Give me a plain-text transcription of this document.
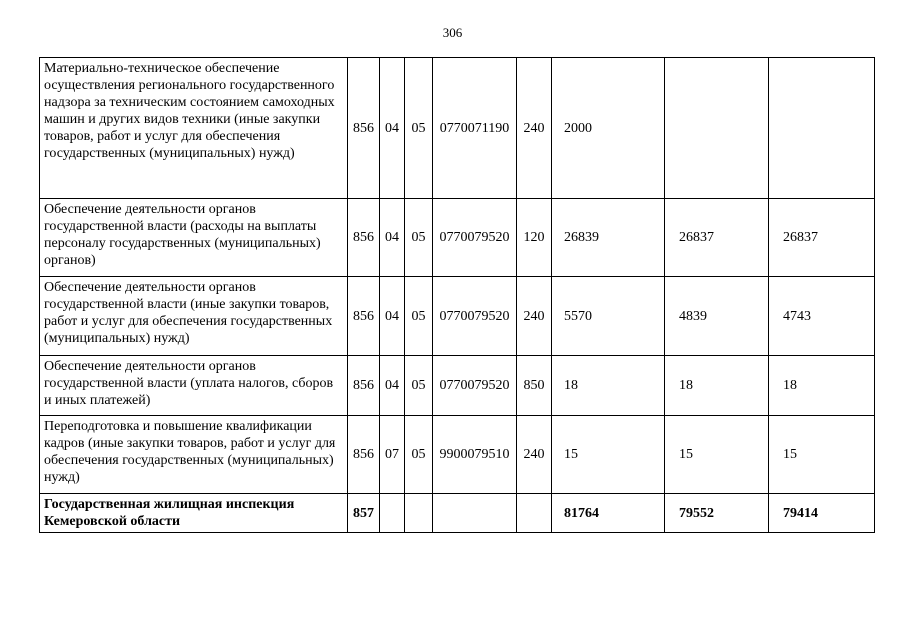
306
Материально-техническое обеспечение осуществления регионального государственного надзора за техническим состоянием самоходных машин и других видов техники (иные закупки товаров, работ и услуг для обеспечения государственных (муниципальных) нужд)	856	04	05	0770071190	240	2000		
Обеспечение деятельности органов государственной власти (расходы на выплаты персоналу государственных (муниципальных) органов)	856	04	05	0770079520	120	26839	26837	26837
Обеспечение деятельности органов государственной власти (иные закупки товаров, работ и услуг для обеспечения государственных (муниципальных) нужд)	856	04	05	0770079520	240	5570	4839	4743
Обеспечение деятельности органов государственной власти (уплата налогов, сборов и иных платежей)	856	04	05	0770079520	850	18	18	18
Переподготовка и повышение квалификации кадров (иные закупки товаров, работ и услуг для обеспечения государственных (муниципальных) нужд)	856	07	05	9900079510	240	15	15	15
Государственная жилищная инспекция Кемеровской области	857					81764	79552	79414
